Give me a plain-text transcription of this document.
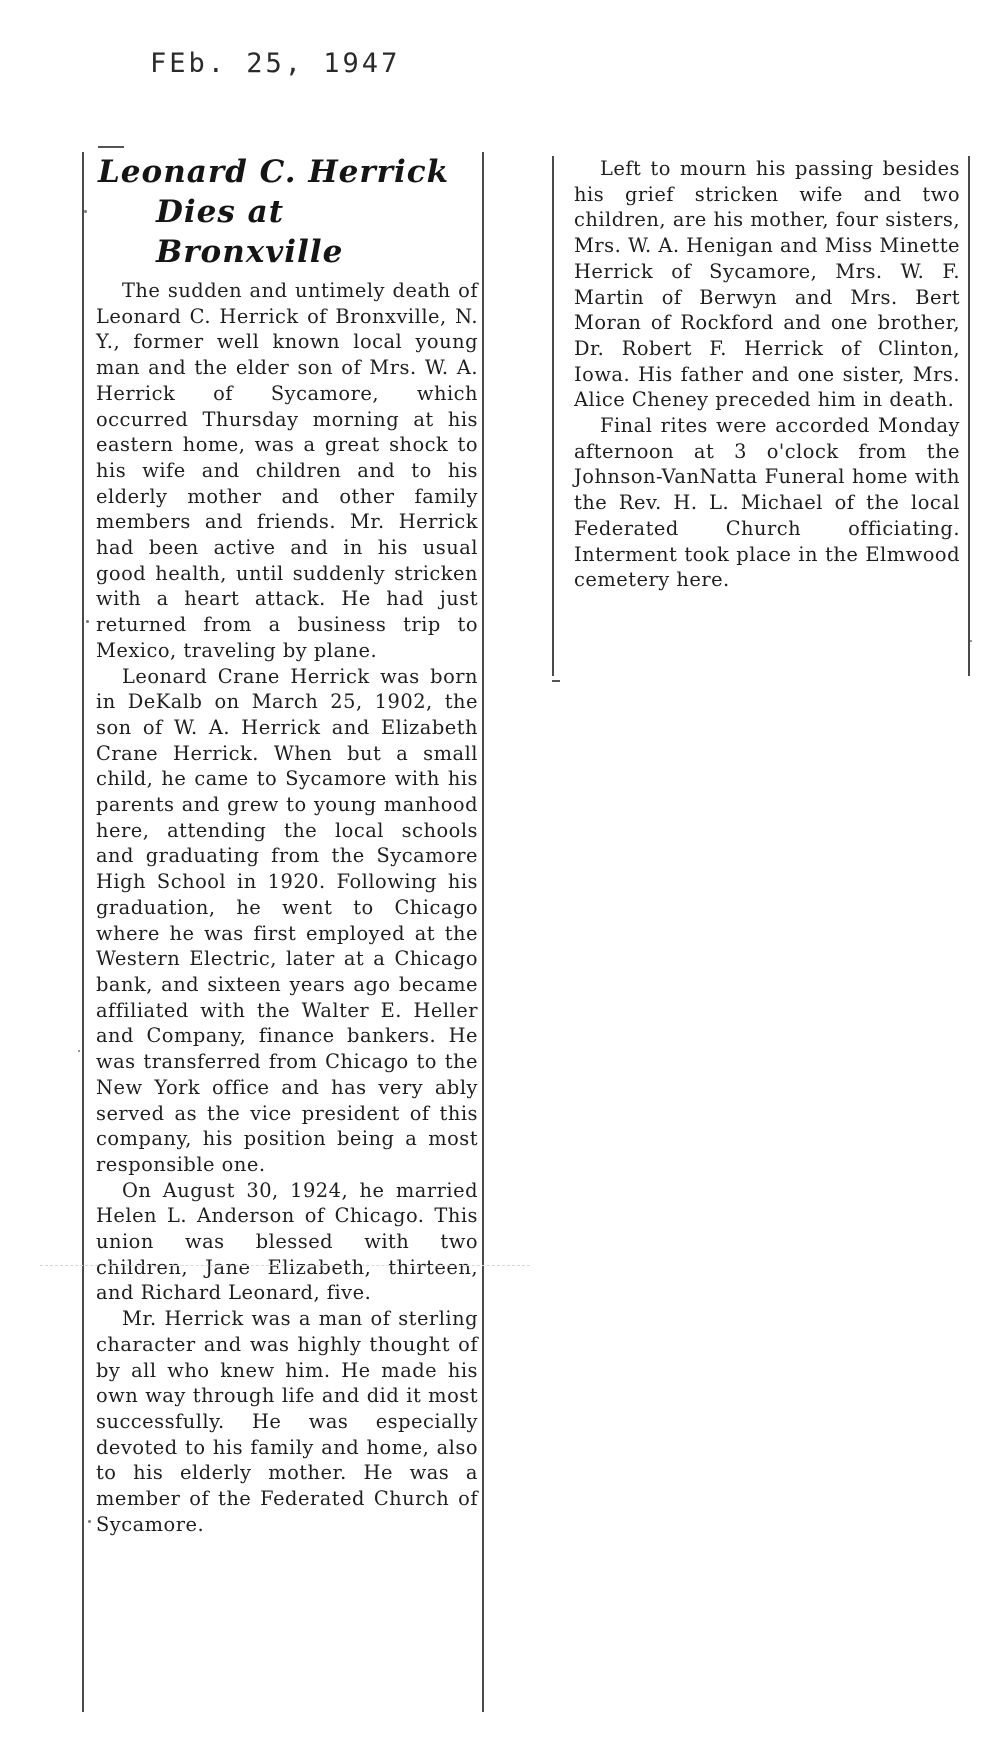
FEb. 25, 1947
Leonard C. Herrick
Dies at Bronxville

The sudden and untimely death of Leonard C. Herrick of Bronxville, N. Y., former well known local young man and the elder son of Mrs. W. A. Herrick of Sycamore, which occurred Thursday morning at his eastern home, was a great shock to his wife and children and to his elderly mother and other family members and friends. Mr. Herrick had been active and in his usual good health, until suddenly stricken with a heart attack. He had just returned from a business trip to Mexico, traveling by plane.

Leonard Crane Herrick was born in DeKalb on March 25, 1902, the son of W. A. Herrick and Elizabeth Crane Herrick. When but a small child, he came to Sycamore with his parents and grew to young manhood here, attending the local schools and graduating from the Sycamore High School in 1920. Following his graduation, he went to Chicago where he was first employed at the Western Electric, later at a Chicago bank, and sixteen years ago became affiliated with the Walter E. Heller and Company, finance bankers. He was transferred from Chicago to the New York office and has very ably served as the vice president of this company, his position being a most responsible one.

On August 30, 1924, he married Helen L. Anderson of Chicago. This union was blessed with two children, Jane Elizabeth, thirteen, and Richard Leonard, five.

Mr. Herrick was a man of sterling character and was highly thought of by all who knew him. He made his own way through life and did it most successfully. He was especially devoted to his family and home, also to his elderly mother. He was a member of the Federated Church of Sycamore.

Left to mourn his passing besides his grief stricken wife and two children, are his mother, four sisters, Mrs. W. A. Henigan and Miss Minette Herrick of Sycamore, Mrs. W. F. Martin of Berwyn and Mrs. Bert Moran of Rockford and one brother, Dr. Robert F. Herrick of Clinton, Iowa. His father and one sister, Mrs. Alice Cheney preceded him in death.

Final rites were accorded Monday afternoon at 3 o'clock from the Johnson-VanNatta Funeral home with the Rev. H. L. Michael of the local Federated Church officiating. Interment took place in the Elmwood cemetery here.
